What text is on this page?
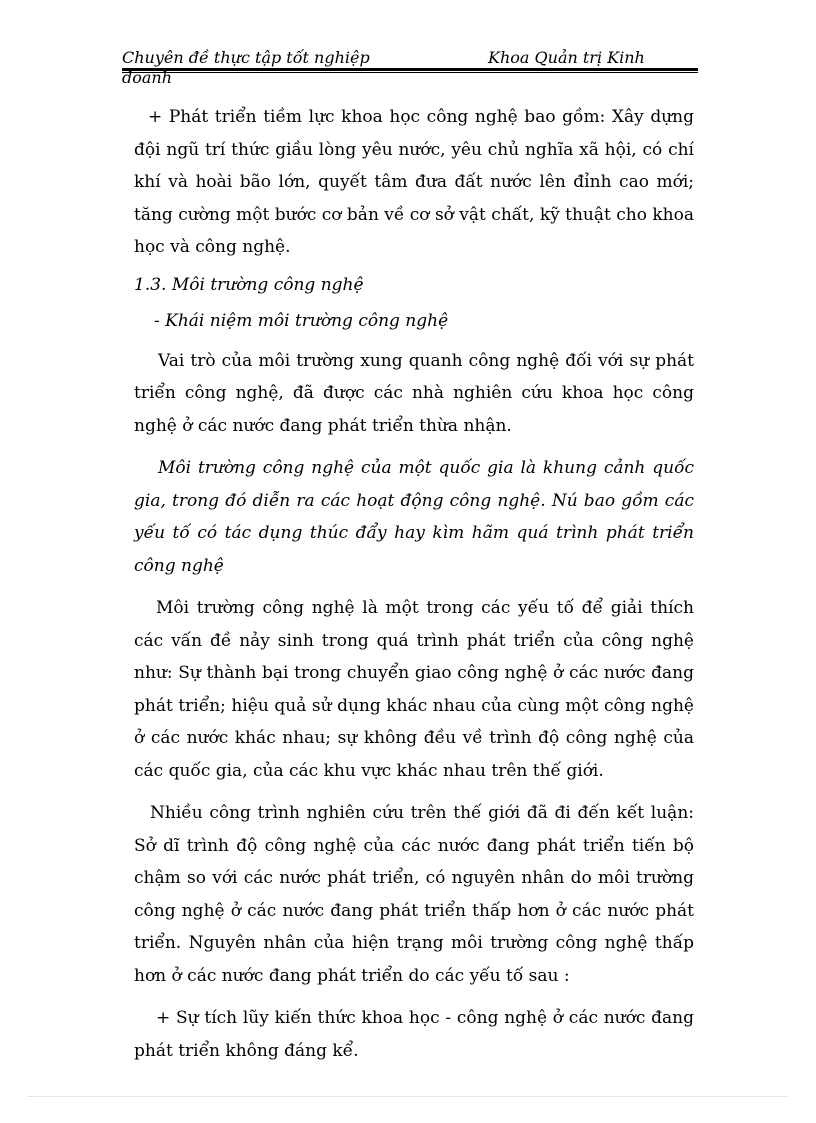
Chuyên đề thực tập tốt nghiệp	Khoa Quản trị Kinh
doanh

+ Phát triển tiềm lực khoa học công nghệ bao gồm: Xây dựng đội ngũ trí thức giầu lòng yêu nước, yêu chủ nghĩa xã hội, có chí khí và hoài bão lớn, quyết tâm đưa đất nước lên đỉnh cao mới; tăng cường một bước cơ bản về cơ sở vật chất, kỹ thuật cho khoa học và công nghệ.

1.3. Môi trường công nghệ

- Khái niệm môi trường công nghệ

Vai trò của môi trường xung quanh công nghệ đối với sự phát triển công nghệ, đã được các nhà nghiên cứu khoa học công nghệ ở các nước đang phát triển thừa nhận.

Môi trường công nghệ của một quốc gia là khung cảnh quốc gia, trong đó diễn ra các hoạt động công nghệ. Nú bao gồm các yếu tố có tác dụng thúc đẩy hay kìm hãm quá trình phát triển công nghệ

Môi trường công nghệ là một trong các yếu tố để giải thích các vấn đề nảy sinh trong quá trình phát triển của công nghệ như: Sự thành bại trong chuyển giao công nghệ ở các nước đang phát triển; hiệu quả sử dụng khác nhau của cùng một công nghệ ở các nước khác nhau; sự không đều về trình độ công nghệ của các quốc gia, của các khu vực khác nhau trên thế giới.

Nhiều công trình nghiên cứu trên thế giới đã đi đến kết luận: Sở dĩ trình độ công nghệ của các nước đang phát triển tiến bộ chậm so với các nước phát triển, có nguyên nhân do môi trường công nghệ ở các nước đang phát triển thấp hơn ở các nước phát triển. Nguyên nhân của hiện trạng môi trường công nghệ thấp hơn ở các nước đang phát triển do các yếu tố sau :

+ Sự tích lũy kiến thức khoa học - công nghệ ở các nước đang phát triển không đáng kể.
